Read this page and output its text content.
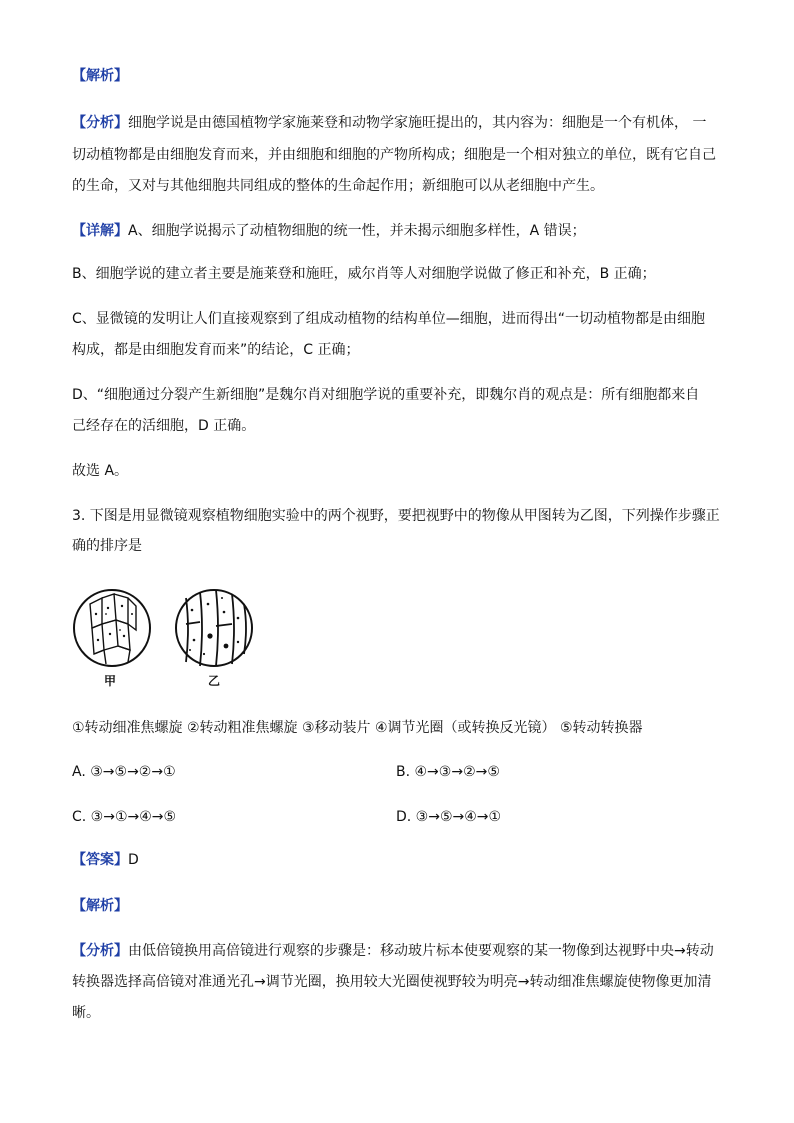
【解析】
【分析】细胞学说是由德国植物学家施莱登和动物学家施旺提出的，其内容为：细胞是一个有机体， 一
切动植物都是由细胞发育而来，并由细胞和细胞的产物所构成；细胞是一个相对独立的单位，既有它自己
的生命，又对与其他细胞共同组成的整体的生命起作用；新细胞可以从老细胞中产生。
【详解】A、细胞学说揭示了动植物细胞的统一性，并未揭示细胞多样性，A 错误；
B、细胞学说的建立者主要是施莱登和施旺，威尔肖等人对细胞学说做了修正和补充，B 正确；
C、显微镜的发明让人们直接观察到了组成动植物的结构单位—细胞，进而得出“一切动植物都是由细胞
构成，都是由细胞发育而来”的结论，C 正确；
D、“细胞通过分裂产生新细胞”是魏尔肖对细胞学说的重要补充，即魏尔肖的观点是：所有细胞都来自
己经存在的活细胞，D 正确。
故选 A。
3. 下图是用显微镜观察植物细胞实验中的两个视野，要把视野中的物像从甲图转为乙图，下列操作步骤正
确的排序是
甲	乙
①转动细准焦螺旋 ②转动粗准焦螺旋 ③移动装片 ④调节光圈（或转换反光镜） ⑤转动转换器
A. ③→⑤→②→①	B. ④→③→②→⑤
C. ③→①→④→⑤	D. ③→⑤→④→①
【答案】D
【解析】
【分析】由低倍镜换用高倍镜进行观察的步骤是：移动玻片标本使要观察的某一物像到达视野中央→转动
转换器选择高倍镜对准通光孔→调节光圈，换用较大光圈使视野较为明亮→转动细准焦螺旋使物像更加清
晰。
